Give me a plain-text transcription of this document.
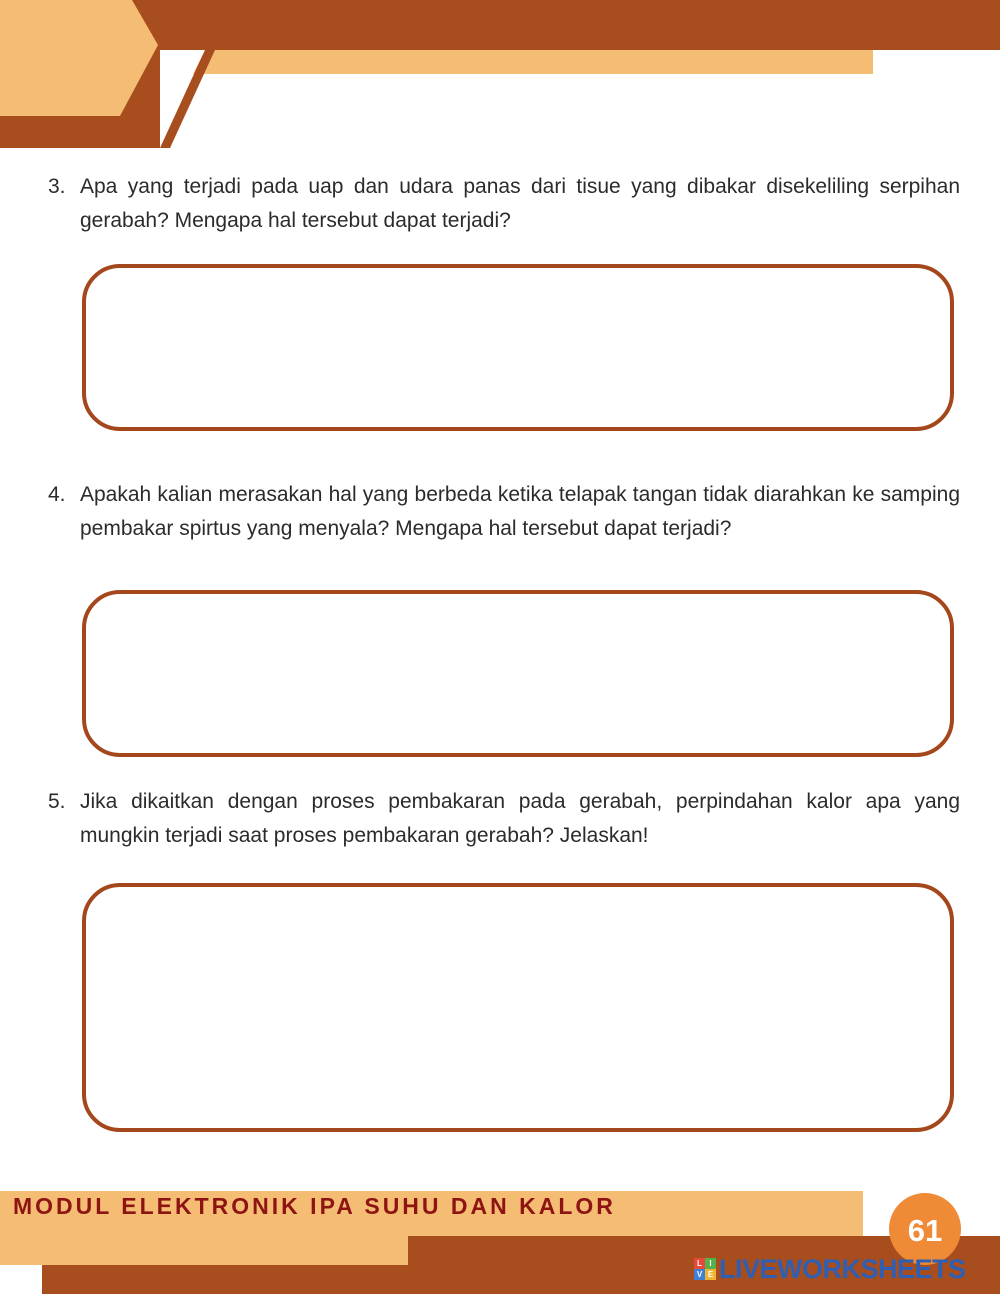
3. Apa yang terjadi pada uap dan udara panas dari tisue yang dibakar disekeliling serpihan gerabah? Mengapa hal tersebut dapat terjadi?
4. Apakah kalian merasakan hal yang berbeda ketika telapak tangan tidak diarahkan ke samping pembakar spirtus yang menyala? Mengapa hal tersebut dapat terjadi?
5. Jika dikaitkan dengan proses pembakaran pada gerabah, perpindahan kalor apa yang mungkin terjadi saat proses pembakaran gerabah? Jelaskan!
MODUL ELEKTRONIK IPA SUHU DAN KALOR
61
L I
V E LIVEWORKSHEETS
